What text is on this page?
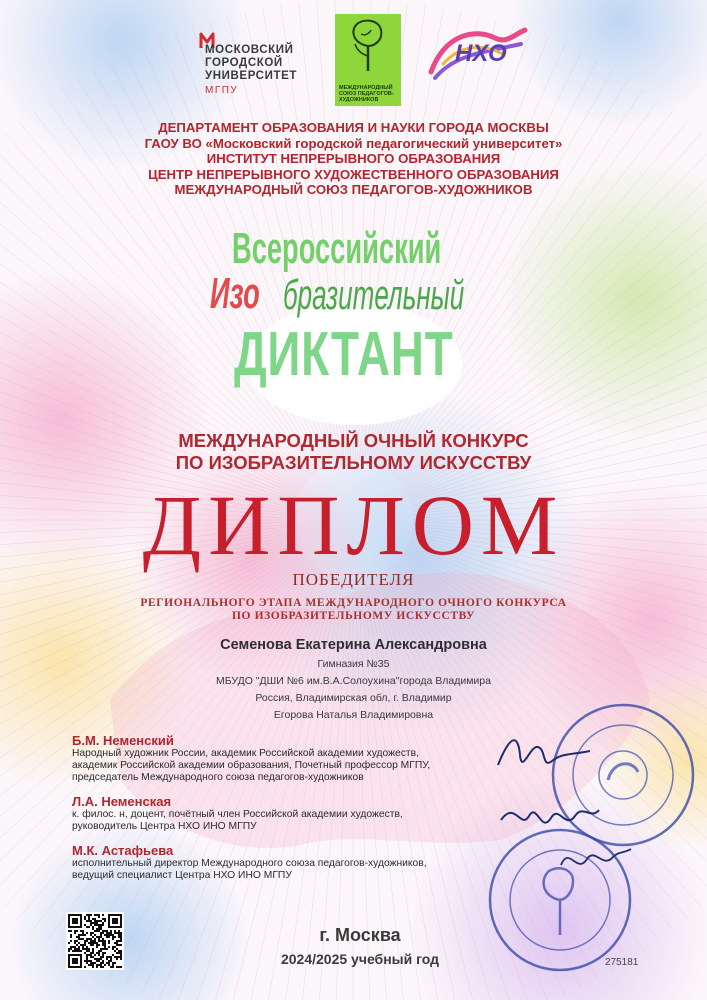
МОСКОВСКИЙ
ГОРОДСКОЙ
УНИВЕРСИТЕТ
МГПУ	МЕЖДУНАРОДНЫЙ СОЮЗ ПЕДАГОГОВ-ХУДОЖНИКОВ
НХО
ДЕПАРТАМЕНТ ОБРАЗОВАНИЯ И НАУКИ ГОРОДА МОСКВЫ
ГАОУ ВО «Московский городской педагогический университет»
ИНСТИТУТ НЕПРЕРЫВНОГО ОБРАЗОВАНИЯ
ЦЕНТР НЕПРЕРЫВНОГО ХУДОЖЕСТВЕННОГО ОБРАЗОВАНИЯ
МЕЖДУНАРОДНЫЙ СОЮЗ ПЕДАГОГОВ-ХУДОЖНИКОВ
Всероссийский
Изо бразительный
ДИКТАНТ
МЕЖДУНАРОДНЫЙ ОЧНЫЙ КОНКУРС
ПО ИЗОБРАЗИТЕЛЬНОМУ ИСКУССТВУ
ДИПЛОМ
ПОБЕДИТЕЛЯ
РЕГИОНАЛЬНОГО ЭТАПА МЕЖДУНАРОДНОГО ОЧНОГО КОНКУРСА
ПО ИЗОБРАЗИТЕЛЬНОМУ ИСКУССТВУ
Семенова Екатерина Александровна
Гимназия №35
МБУДО "ДШИ №6 им.В.А.Солоухина"города Владимира
Россия, Владимирская обл, г. Владимир
Егорова Наталья Владимировна
Б.М. Неменский
Народный художник России, академик Российской академии художеств,
академик Российской академии образования, Почетный профессор МГПУ,
председатель Международного союза педагогов-художников
Л.А. Неменская
к. филос. н, доцент, почётный член Российской академии художеств,
руководитель Центра НХО ИНО МГПУ
М.К. Астафьева
исполнительный директор Международного союза педагогов-художников,
ведущий специалист Центра НХО ИНО МГПУ
г. Москва
2024/2025 учебный год	275181
